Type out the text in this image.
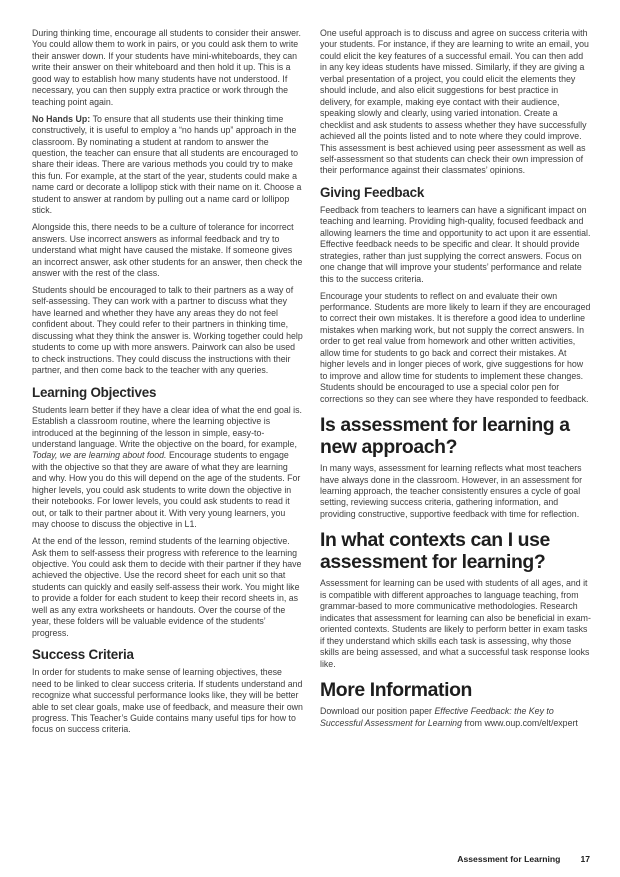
During thinking time, encourage all students to consider their answer. You could allow them to work in pairs, or you could ask them to write their answer down. If your students have mini-whiteboards, they can write their answer on their whiteboard and then hold it up. This is a good way to establish how many students have not understood. If necessary, you can then supply extra practice or work through the teaching point again.

No Hands Up: To ensure that all students use their thinking time constructively, it is useful to employ a “no hands up” approach in the classroom. By nominating a student at random to answer the question, the teacher can ensure that all students are encouraged to share their ideas. There are various methods you could try to make this fun. For example, at the start of the year, students could make a name card or decorate a lollipop stick with their name on it. Choose a student to answer at random by pulling out a name card or lollipop stick.

Alongside this, there needs to be a culture of tolerance for incorrect answers. Use incorrect answers as informal feedback and try to understand what might have caused the mistake. If someone gives an incorrect answer, ask other students for an answer, then check the answer with the rest of the class.

Students should be encouraged to talk to their partners as a way of self-assessing. They can work with a partner to discuss what they have learned and whether they have any areas they do not feel confident about. They could refer to their partners in thinking time, discussing what they think the answer is. Working together could help students to come up with more answers. Pairwork can also be used to check instructions. They could discuss the instructions with their partner, and then come back to the teacher with any queries.

Learning Objectives

Students learn better if they have a clear idea of what the end goal is. Establish a classroom routine, where the learning objective is introduced at the beginning of the lesson in simple, easy-to-understand language. Write the objective on the board, for example, Today, we are learning about food. Encourage students to engage with the objective so that they are aware of what they are learning and why. How you do this will depend on the age of the students. For higher levels, you could ask students to write down the objective in their notebooks. For lower levels, you could ask students to read it out, or talk to their partner about it. With very young learners, you may choose to discuss the objective in L1.

At the end of the lesson, remind students of the learning objective. Ask them to self-assess their progress with reference to the learning objective. You could ask them to decide with their partner if they have achieved the objective. Use the record sheet for each unit so that students can quickly and easily self-assess their work. You might like to provide a folder for each student to keep their record sheets in, as well as any extra worksheets or handouts. Over the course of the year, these folders will be valuable evidence of the students’ progress.

Success Criteria

In order for students to make sense of learning objectives, these need to be linked to clear success criteria. If students understand and recognize what successful performance looks like, they will be better able to set clear goals, make use of feedback, and measure their own progress. This Teacher’s Guide contains many useful tips for how to focus on success criteria.

One useful approach is to discuss and agree on success criteria with your students. For instance, if they are learning to write an email, you could elicit the key features of a successful email. You can then add in any key ideas students have missed. Similarly, if they are giving a verbal presentation of a project, you could elicit the elements they should include, and also elicit suggestions for best practice in delivery, for example, making eye contact with their audience, speaking slowly and clearly, using varied intonation. Create a checklist and ask students to assess whether they have successfully achieved all the points listed and to note where they could improve. This assessment is best achieved using peer assessment as well as self-assessment so that students can check their own impression of their performance against their classmates’ opinions.

Giving Feedback

Feedback from teachers to learners can have a significant impact on teaching and learning. Providing high-quality, focused feedback and allowing learners the time and opportunity to act upon it are essential. Effective feedback needs to be specific and clear. It should provide strategies, rather than just supplying the correct answers. Focus on one change that will improve your students’ performance and relate this to the success criteria.

Encourage your students to reflect on and evaluate their own performance. Students are more likely to learn if they are encouraged to correct their own mistakes. It is therefore a good idea to underline mistakes when marking work, but not supply the correct answers. In order to get real value from homework and other written activities, allow time for students to go back and correct their mistakes. At higher levels and in longer pieces of work, give suggestions for how to improve and allow time for students to implement these changes. Students should be encouraged to use a special color pen for corrections so they can see where they have responded to feedback.

Is assessment for learning a new approach?

In many ways, assessment for learning reflects what most teachers have always done in the classroom. However, in an assessment for learning approach, the teacher consistently ensures a cycle of goal setting, reviewing success criteria, gathering information, and providing constructive, supportive feedback with time for reflection.

In what contexts can I use assessment for learning?

Assessment for learning can be used with students of all ages, and it is compatible with different approaches to language teaching, from grammar-based to more communicative methodologies. Research indicates that assessment for learning can also be beneficial in exam-oriented contexts. Students are likely to perform better in exam tasks if they understand which skills each task is assessing, why those skills are being assessed, and what a successful task response looks like.

More Information

Download our position paper Effective Feedback: the Key to Successful Assessment for Learning from www.oup.com/elt/expert

Assessment for Learning 17
